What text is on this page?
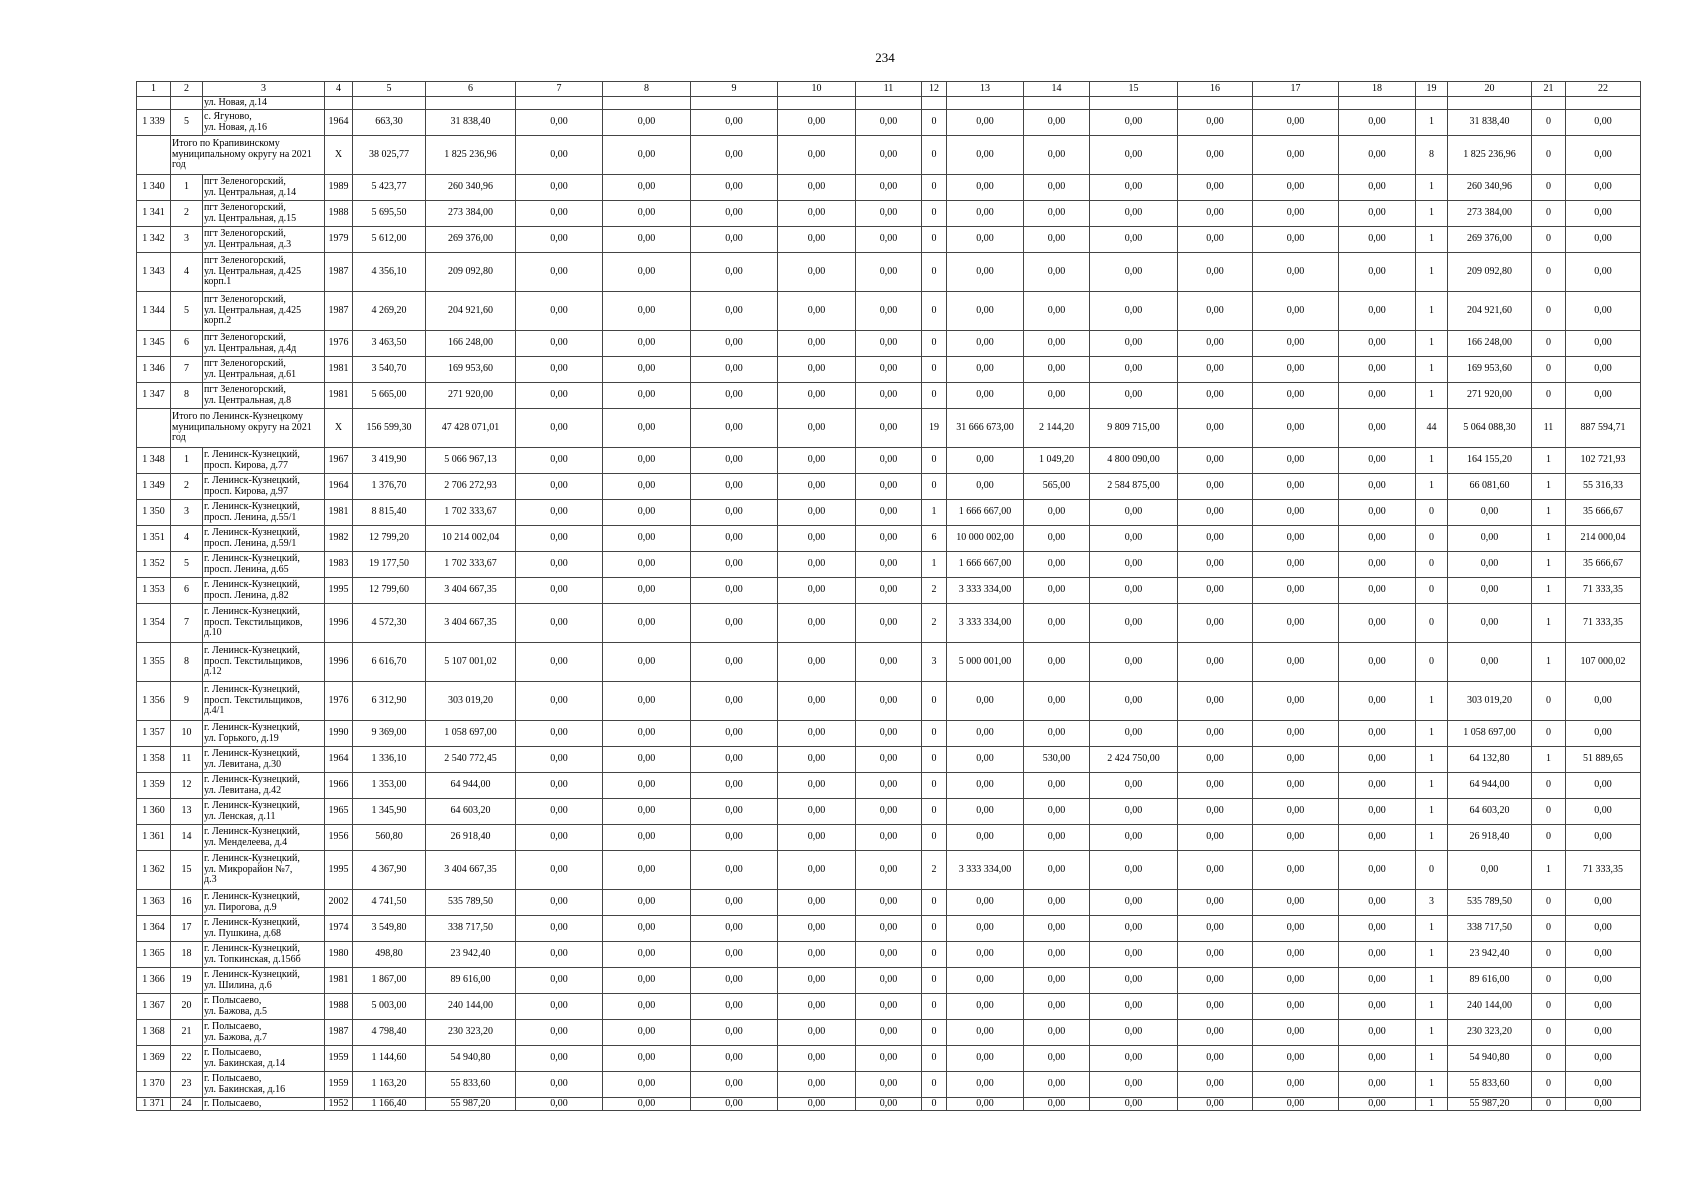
234
1	2	3	4	5	6	7	8	9	10	11	12	13	14	15	16	17	18	19	20	21	22
		ул. Новая, д.14																			
1 339	5	с. Ягуново,
ул. Новая, д.16	1964	663,30	31 838,40	0,00	0,00	0,00	0,00	0,00	0	0,00	0,00	0,00	0,00	0,00	0,00	1	31 838,40	0	0,00
	Итого по Крапивинскому муниципальному округу на 2021 год		X	38 025,77	1 825 236,96	0,00	0,00	0,00	0,00	0,00	0	0,00	0,00	0,00	0,00	0,00	0,00	8	1 825 236,96	0	0,00
1 340	1	пгт Зеленогорский,
ул. Центральная, д.14	1989	5 423,77	260 340,96	0,00	0,00	0,00	0,00	0,00	0	0,00	0,00	0,00	0,00	0,00	0,00	1	260 340,96	0	0,00
1 341	2	пгт Зеленогорский,
ул. Центральная, д.15	1988	5 695,50	273 384,00	0,00	0,00	0,00	0,00	0,00	0	0,00	0,00	0,00	0,00	0,00	0,00	1	273 384,00	0	0,00
1 342	3	пгт Зеленогорский,
ул. Центральная, д.3	1979	5 612,00	269 376,00	0,00	0,00	0,00	0,00	0,00	0	0,00	0,00	0,00	0,00	0,00	0,00	1	269 376,00	0	0,00
1 343	4	пгт Зеленогорский,
ул. Центральная, д.425
корп.1	1987	4 356,10	209 092,80	0,00	0,00	0,00	0,00	0,00	0	0,00	0,00	0,00	0,00	0,00	0,00	1	209 092,80	0	0,00
1 344	5	пгт Зеленогорский,
ул. Центральная, д.425
корп.2	1987	4 269,20	204 921,60	0,00	0,00	0,00	0,00	0,00	0	0,00	0,00	0,00	0,00	0,00	0,00	1	204 921,60	0	0,00
1 345	6	пгт Зеленогорский,
ул. Центральная, д.4д	1976	3 463,50	166 248,00	0,00	0,00	0,00	0,00	0,00	0	0,00	0,00	0,00	0,00	0,00	0,00	1	166 248,00	0	0,00
1 346	7	пгт Зеленогорский,
ул. Центральная, д.61	1981	3 540,70	169 953,60	0,00	0,00	0,00	0,00	0,00	0	0,00	0,00	0,00	0,00	0,00	0,00	1	169 953,60	0	0,00
1 347	8	пгт Зеленогорский,
ул. Центральная, д.8	1981	5 665,00	271 920,00	0,00	0,00	0,00	0,00	0,00	0	0,00	0,00	0,00	0,00	0,00	0,00	1	271 920,00	0	0,00
	Итого по Ленинск-Кузнецкому муниципальному округу на 2021 год		X	156 599,30	47 428 071,01	0,00	0,00	0,00	0,00	0,00	19	31 666 673,00	2 144,20	9 809 715,00	0,00	0,00	0,00	44	5 064 088,30	11	887 594,71
1 348	1	г. Ленинск-Кузнецкий,
просп. Кирова, д.77	1967	3 419,90	5 066 967,13	0,00	0,00	0,00	0,00	0,00	0	0,00	1 049,20	4 800 090,00	0,00	0,00	0,00	1	164 155,20	1	102 721,93
1 349	2	г. Ленинск-Кузнецкий,
просп. Кирова, д.97	1964	1 376,70	2 706 272,93	0,00	0,00	0,00	0,00	0,00	0	0,00	565,00	2 584 875,00	0,00	0,00	0,00	1	66 081,60	1	55 316,33
1 350	3	г. Ленинск-Кузнецкий,
просп. Ленина, д.55/1	1981	8 815,40	1 702 333,67	0,00	0,00	0,00	0,00	0,00	1	1 666 667,00	0,00	0,00	0,00	0,00	0,00	0	0,00	1	35 666,67
1 351	4	г. Ленинск-Кузнецкий,
просп. Ленина, д.59/1	1982	12 799,20	10 214 002,04	0,00	0,00	0,00	0,00	0,00	6	10 000 002,00	0,00	0,00	0,00	0,00	0,00	0	0,00	1	214 000,04
1 352	5	г. Ленинск-Кузнецкий,
просп. Ленина, д.65	1983	19 177,50	1 702 333,67	0,00	0,00	0,00	0,00	0,00	1	1 666 667,00	0,00	0,00	0,00	0,00	0,00	0	0,00	1	35 666,67
1 353	6	г. Ленинск-Кузнецкий,
просп. Ленина, д.82	1995	12 799,60	3 404 667,35	0,00	0,00	0,00	0,00	0,00	2	3 333 334,00	0,00	0,00	0,00	0,00	0,00	0	0,00	1	71 333,35
1 354	7	г. Ленинск-Кузнецкий,
просп. Текстильщиков,
д.10	1996	4 572,30	3 404 667,35	0,00	0,00	0,00	0,00	0,00	2	3 333 334,00	0,00	0,00	0,00	0,00	0,00	0	0,00	1	71 333,35
1 355	8	г. Ленинск-Кузнецкий,
просп. Текстильщиков,
д.12	1996	6 616,70	5 107 001,02	0,00	0,00	0,00	0,00	0,00	3	5 000 001,00	0,00	0,00	0,00	0,00	0,00	0	0,00	1	107 000,02
1 356	9	г. Ленинск-Кузнецкий,
просп. Текстильщиков,
д.4/1	1976	6 312,90	303 019,20	0,00	0,00	0,00	0,00	0,00	0	0,00	0,00	0,00	0,00	0,00	0,00	1	303 019,20	0	0,00
1 357	10	г. Ленинск-Кузнецкий,
ул. Горького, д.19	1990	9 369,00	1 058 697,00	0,00	0,00	0,00	0,00	0,00	0	0,00	0,00	0,00	0,00	0,00	0,00	1	1 058 697,00	0	0,00
1 358	11	г. Ленинск-Кузнецкий,
ул. Левитана, д.30	1964	1 336,10	2 540 772,45	0,00	0,00	0,00	0,00	0,00	0	0,00	530,00	2 424 750,00	0,00	0,00	0,00	1	64 132,80	1	51 889,65
1 359	12	г. Ленинск-Кузнецкий,
ул. Левитана, д.42	1966	1 353,00	64 944,00	0,00	0,00	0,00	0,00	0,00	0	0,00	0,00	0,00	0,00	0,00	0,00	1	64 944,00	0	0,00
1 360	13	г. Ленинск-Кузнецкий,
ул. Ленская, д.11	1965	1 345,90	64 603,20	0,00	0,00	0,00	0,00	0,00	0	0,00	0,00	0,00	0,00	0,00	0,00	1	64 603,20	0	0,00
1 361	14	г. Ленинск-Кузнецкий,
ул. Менделеева, д.4	1956	560,80	26 918,40	0,00	0,00	0,00	0,00	0,00	0	0,00	0,00	0,00	0,00	0,00	0,00	1	26 918,40	0	0,00
1 362	15	г. Ленинск-Кузнецкий,
ул. Микрорайон №7,
д.3	1995	4 367,90	3 404 667,35	0,00	0,00	0,00	0,00	0,00	2	3 333 334,00	0,00	0,00	0,00	0,00	0,00	0	0,00	1	71 333,35
1 363	16	г. Ленинск-Кузнецкий,
ул. Пирогова, д.9	2002	4 741,50	535 789,50	0,00	0,00	0,00	0,00	0,00	0	0,00	0,00	0,00	0,00	0,00	0,00	3	535 789,50	0	0,00
1 364	17	г. Ленинск-Кузнецкий,
ул. Пушкина, д.68	1974	3 549,80	338 717,50	0,00	0,00	0,00	0,00	0,00	0	0,00	0,00	0,00	0,00	0,00	0,00	1	338 717,50	0	0,00
1 365	18	г. Ленинск-Кузнецкий,
ул. Топкинская, д.156б	1980	498,80	23 942,40	0,00	0,00	0,00	0,00	0,00	0	0,00	0,00	0,00	0,00	0,00	0,00	1	23 942,40	0	0,00
1 366	19	г. Ленинск-Кузнецкий,
ул. Шилина, д.6	1981	1 867,00	89 616,00	0,00	0,00	0,00	0,00	0,00	0	0,00	0,00	0,00	0,00	0,00	0,00	1	89 616,00	0	0,00
1 367	20	г. Полысаево,
ул. Бажова, д.5	1988	5 003,00	240 144,00	0,00	0,00	0,00	0,00	0,00	0	0,00	0,00	0,00	0,00	0,00	0,00	1	240 144,00	0	0,00
1 368	21	г. Полысаево,
ул. Бажова, д.7	1987	4 798,40	230 323,20	0,00	0,00	0,00	0,00	0,00	0	0,00	0,00	0,00	0,00	0,00	0,00	1	230 323,20	0	0,00
1 369	22	г. Полысаево,
ул. Бакинская, д.14	1959	1 144,60	54 940,80	0,00	0,00	0,00	0,00	0,00	0	0,00	0,00	0,00	0,00	0,00	0,00	1	54 940,80	0	0,00
1 370	23	г. Полысаево,
ул. Бакинская, д.16	1959	1 163,20	55 833,60	0,00	0,00	0,00	0,00	0,00	0	0,00	0,00	0,00	0,00	0,00	0,00	1	55 833,60	0	0,00
1 371	24	г. Полысаево,	1952	1 166,40	55 987,20	0,00	0,00	0,00	0,00	0,00	0	0,00	0,00	0,00	0,00	0,00	0,00	1	55 987,20	0	0,00
